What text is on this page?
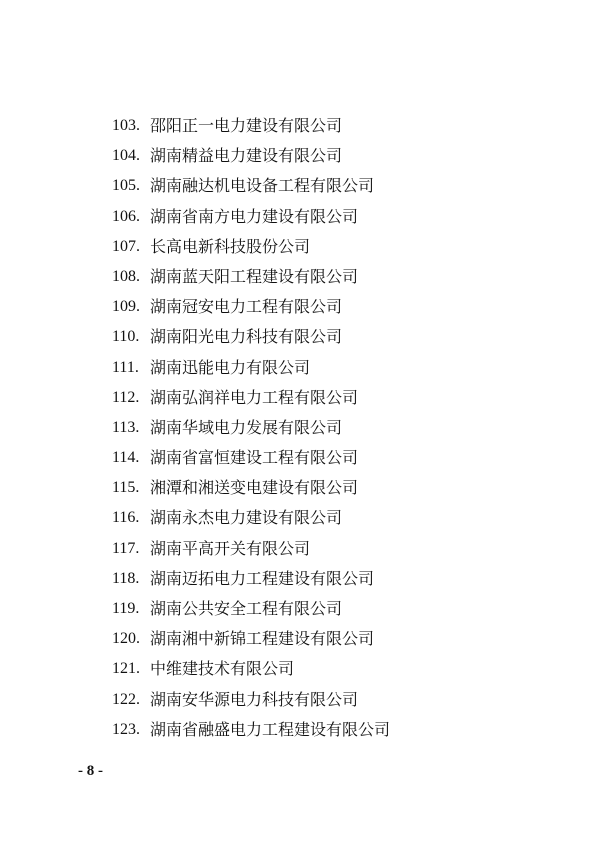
103. 邵阳正一电力建设有限公司
104. 湖南精益电力建设有限公司
105. 湖南融达机电设备工程有限公司
106. 湖南省南方电力建设有限公司
107. 长高电新科技股份公司
108. 湖南蓝天阳工程建设有限公司
109. 湖南冠安电力工程有限公司
110. 湖南阳光电力科技有限公司
111. 湖南迅能电力有限公司
112. 湖南弘润祥电力工程有限公司
113. 湖南华域电力发展有限公司
114. 湖南省富恒建设工程有限公司
115. 湘潭和湘送变电建设有限公司
116. 湖南永杰电力建设有限公司
117. 湖南平高开关有限公司
118. 湖南迈拓电力工程建设有限公司
119. 湖南公共安全工程有限公司
120. 湖南湘中新锦工程建设有限公司
121. 中维建技术有限公司
122. 湖南安华源电力科技有限公司
123. 湖南省融盛电力工程建设有限公司
- 8 -
